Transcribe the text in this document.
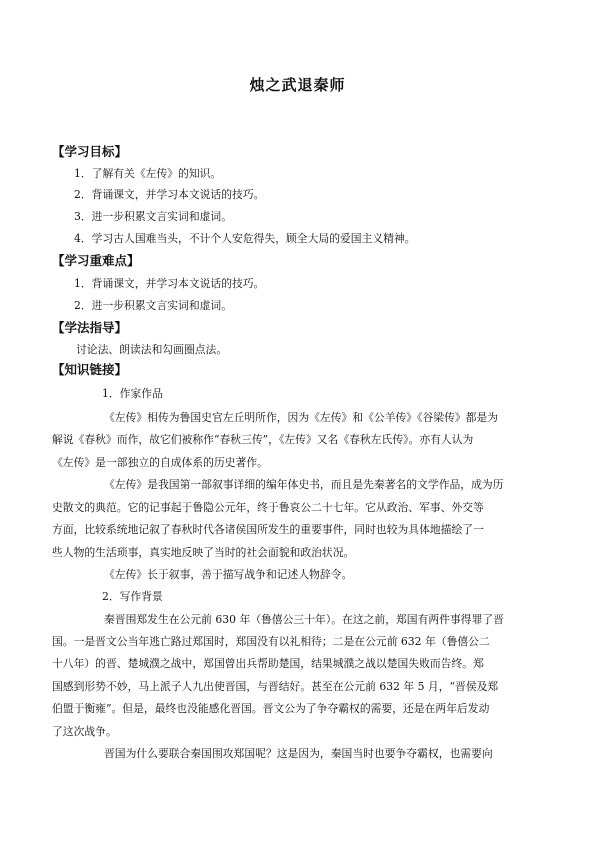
烛之武退秦师
【学习目标】
1．了解有关《左传》的知识。
2．背诵课文，并学习本文说话的技巧。
3．进一步积累文言实词和虚词。
4．学习古人国难当头，不计个人安危得失，顾全大局的爱国主义精神。
【学习重难点】
1．背诵课文，并学习本文说话的技巧。
2．进一步积累文言实词和虚词。
【学法指导】
讨论法、朗读法和勾画圈点法。
【知识链接】
1．作家作品
《左传》相传为鲁国史官左丘明所作，因为《左传》和《公羊传》《谷梁传》都是为
解说《春秋》而作，故它们被称作“春秋三传”，《左传》又名《春秋左氏传》。亦有人认为
《左传》是一部独立的自成体系的历史著作。
《左传》是我国第一部叙事详细的编年体史书，而且是先秦著名的文学作品，成为历
史散文的典范。它的记事起于鲁隐公元年，终于鲁哀公二十七年。它从政治、军事、外交等
方面，比较系统地记叙了春秋时代各诸侯国所发生的重要事件，同时也较为具体地描绘了一
些人物的生活琐事，真实地反映了当时的社会面貌和政治状况。
《左传》长于叙事，善于描写战争和记述人物辞令。
2．写作背景
秦晋围郑发生在公元前 630 年（鲁僖公三十年）。在这之前，郑国有两件事得罪了晋
国。一是晋文公当年逃亡路过郑国时，郑国没有以礼相待；二是在公元前 632 年（鲁僖公二
十八年）的晋、楚城濮之战中，郑国曾出兵帮助楚国，结果城濮之战以楚国失败而告终。郑
国感到形势不妙，马上派子人九出使晋国，与晋结好。甚至在公元前 632 年 5 月，“晋侯及郑
伯盟于衡雍”。但是，最终也没能感化晋国。晋文公为了争夺霸权的需要，还是在两年后发动
了这次战争。
晋国为什么要联合秦国围攻郑国呢？这是因为，秦国当时也要争夺霸权，也需要向
